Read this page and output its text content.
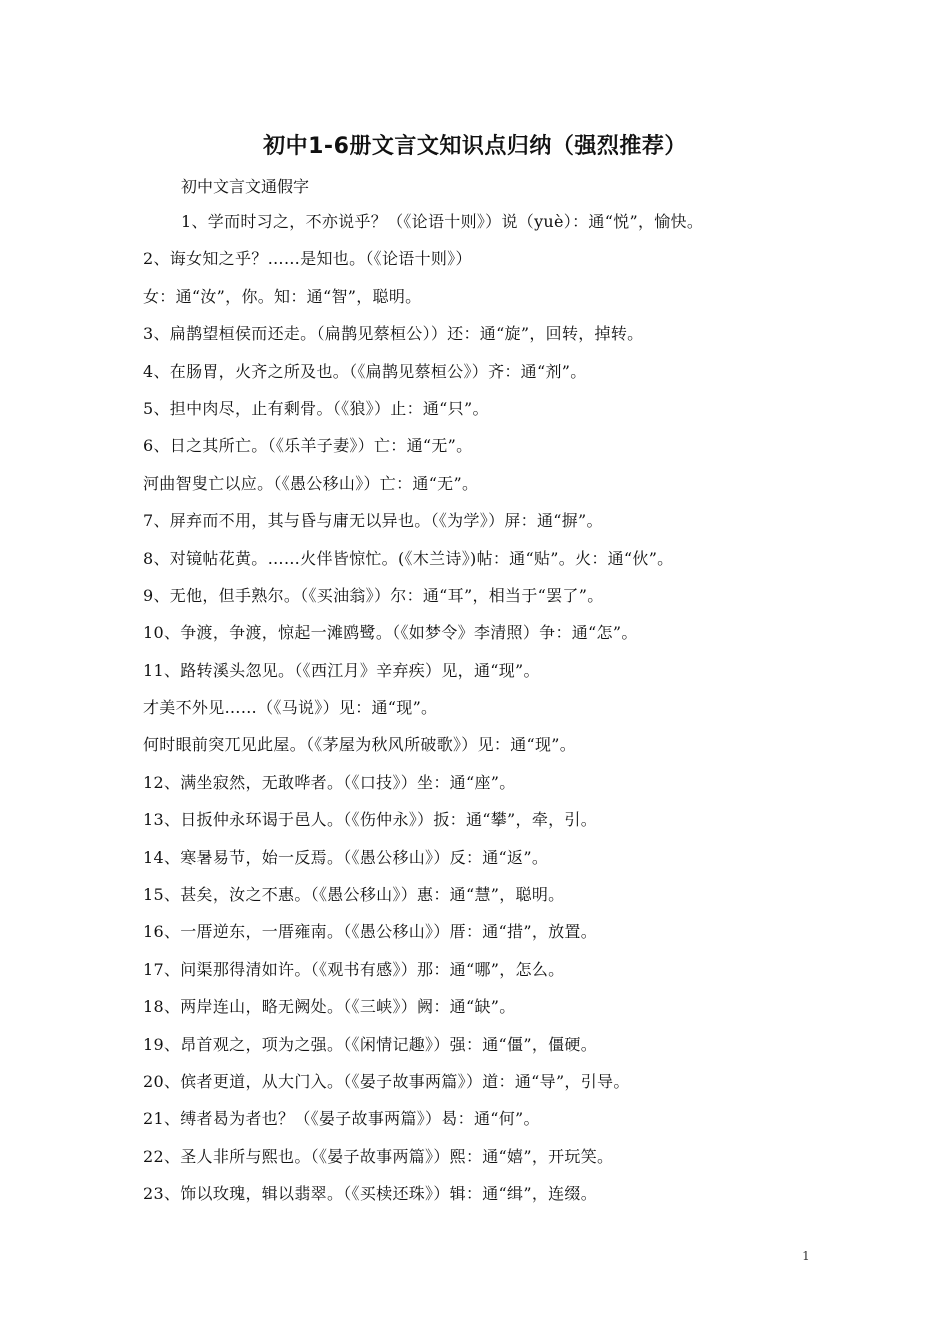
初中1-6册文言文知识点归纳（强烈推荐）
初中文言文通假字
1、学而时习之，不亦说乎？（《论语十则》）说（yuè）：通“悦”，愉快。
2、诲女知之乎？……是知也。（《论语十则》）
女：通“汝”，你。知：通“智”，聪明。
3、扁鹊望桓侯而还走。（扁鹊见蔡桓公））还：通“旋”，回转，掉转。
4、在肠胃，火齐之所及也。（《扁鹊见蔡桓公》）齐：通“剂”。
5、担中肉尽，止有剩骨。（《狼》）止：通“只”。
6、日之其所亡。（《乐羊子妻》）亡：通“无”。
河曲智叟亡以应。（《愚公移山》）亡：通“无”。
7、屏弃而不用，其与昏与庸无以异也。（《为学》）屏：通“摒”。
8、对镜帖花黄。……火伴皆惊忙。(《木兰诗》)帖：通“贴”。火：通“伙”。
9、无他，但手熟尔。（《买油翁》）尔：通“耳”，相当于“罢了”。
10、争渡，争渡，惊起一滩鸥鹭。（《如梦令》李清照）争：通“怎”。
11、路转溪头忽见。（《西江月》辛弃疾）见，通“现”。
才美不外见……（《马说》）见：通“现”。
何时眼前突兀见此屋。（《茅屋为秋风所破歌》）见：通“现”。
12、满坐寂然，无敢哗者。（《口技》）坐：通“座”。
13、日扳仲永环谒于邑人。（《伤仲永》）扳：通“攀”，牵，引。
14、寒暑易节，始一反焉。（《愚公移山》）反：通“返”。
15、甚矣，汝之不惠。（《愚公移山》）惠：通“慧”，聪明。
16、一厝逆东，一厝雍南。（《愚公移山》）厝：通“措”，放置。
17、问渠那得清如许。（《观书有感》）那：通“哪”，怎么。
18、两岸连山，略无阙处。（《三峡》）阙：通“缺”。
19、昂首观之，项为之强。（《闲情记趣》）强：通“僵”，僵硬。
20、傧者更道，从大门入。（《晏子故事两篇》）道：通“导”，引导。
21、缚者曷为者也？（《晏子故事两篇》）曷：通“何”。
22、圣人非所与熙也。（《晏子故事两篇》）熙：通“嬉”，开玩笑。
23、饰以玫瑰，辑以翡翠。（《买椟还珠》）辑：通“缉”，连缀。
1
